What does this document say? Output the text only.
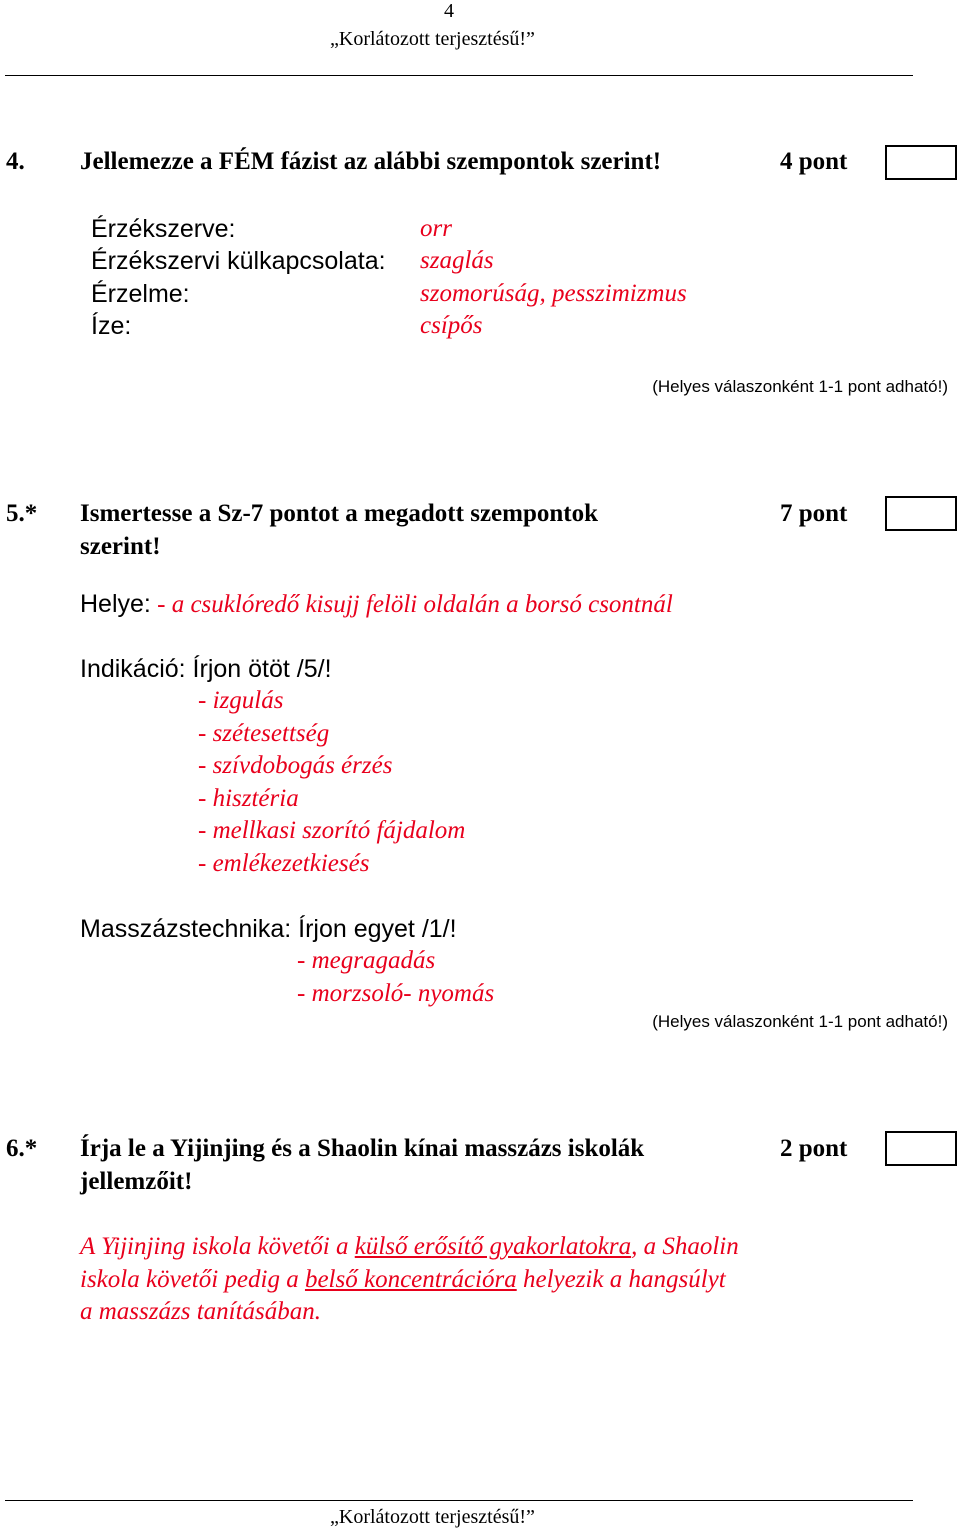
4
„Korlátozott terjesztésű!”
4. Jellemezze a FÉM fázist az alábbi szempontok szerint!	4 pont
Érzékszerve:	orr
Érzékszervi külkapcsolata: szaglás
Érzelme:	szomorúság, pesszimizmus
Íze:	csípős
(Helyes válaszonként 1-1 pont adható!)
5.* Ismertesse a Sz-7 pontot a megadott szempontok
szerint!
7 pont
Helye: - a csuklóredő kisujj felöli oldalán a borsó csontnál
Indikáció: Írjon ötöt /5/!
- izgulás
- szétesettség
- szívdobogás érzés
- hisztéria
- mellkasi szorító fájdalom
- emlékezetkiesés
Masszázstechnika: Írjon egyet /1/!
- megragadás
- morzsoló- nyomás
(Helyes válaszonként 1-1 pont adható!)
6.* Írja le a Yijinjing és a Shaolin kínai masszázs iskolák
jellemzőit!
2 pont
A Yijinjing iskola követői a külső erősítő gyakorlatokra, a Shaolin
iskola követői pedig a belső koncentrációra helyezik a hangsúlyt
a masszázs tanításában.
„Korlátozott terjesztésű!”
